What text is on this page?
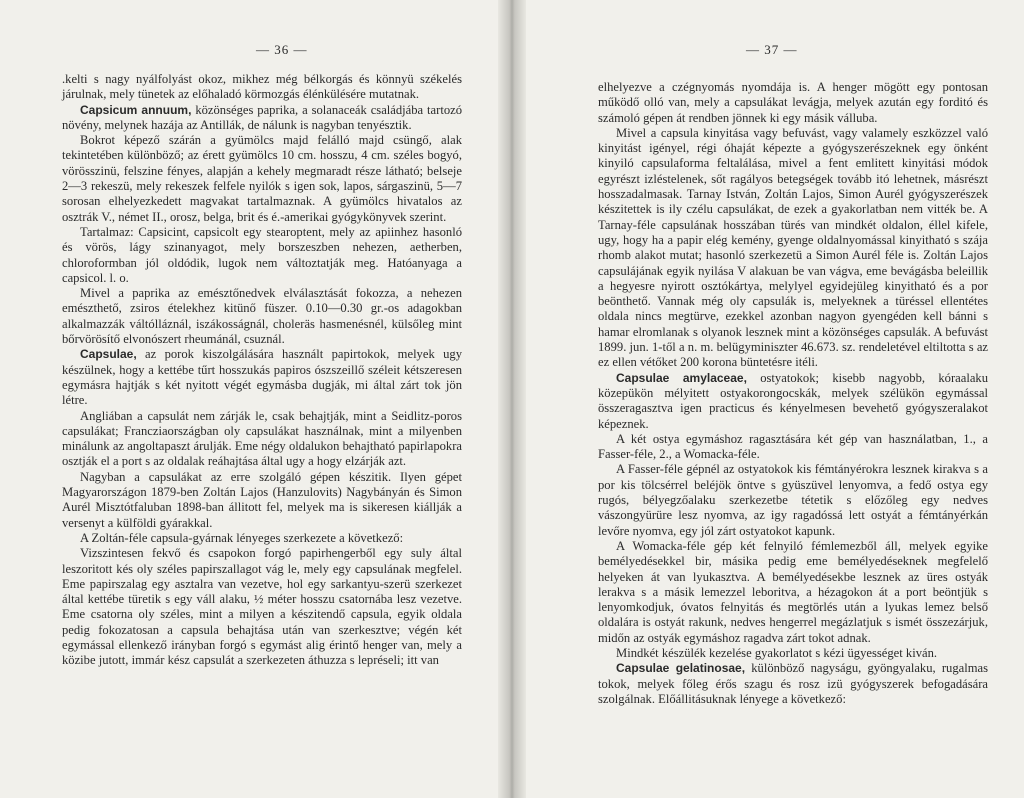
— 36 —

.kelti s nagy nyálfolyást okoz, mikhez még bélkorgás és könnyü székelés járulnak, mely tünetek az előhaladó körmozgás élénkülésére mutatnak.

Capsicum annuum, közönséges paprika, a solanaceák családjába tartozó növény, melynek hazája az Antillák, de nálunk is nagyban tenyésztik.

Bokrot képező szárán a gyümölcs majd felálló majd csüngő, alak tekintetében különböző; az érett gyümölcs 10 cm. hosszu, 4 cm. széles bogyó, vörösszinü, felszine fényes, alapján a kehely megmaradt része látható; belseje 2—3 rekeszü, mely rekeszek felfele nyilók s igen sok, lapos, sárgaszinü, 5—7 sorosan elhelyezkedett magvakat tartalmaznak. A gyümölcs hivatalos az osztrák V., német II., orosz, belga, brit és é.-amerikai gyógykönyvek szerint.

Tartalmaz: Capsicint, capsicolt egy stearoptent, mely az apiinhez hasonló és vörös, lágy szinanyagot, mely borszeszben nehezen, aetherben, chloroformban jól oldódik, lugok nem változtatják meg. Hatóanyaga a capsicol. l. o.

Mivel a paprika az emésztőnedvek elválasztását fokozza, a nehezen emészthető, zsiros ételekhez kitünő füszer. 0.10—0.30 gr.-os adagokban alkalmazzák váltólláznál, iszákosságnál, choleräs hasmenésnél, külsőleg mint bőrvörösítő elvonószert rheumánál, csuznál.

Capsulae, az porok kiszolgálására használt papirtokok, melyek ugy készülnek, hogy a kettébe tűrt hosszukás papiros ószszeillő széleit kétszeresen egymásra hajtják s két nyitott végét egymásba dugják, mi által zárt tok jön létre.

Angliában a capsulát nem zárják le, csak behajtják, mint a Seidlitz-poros capsulákat; Francziaországban oly capsulákat használnak, mint a milyenben minálunk az angoltapaszt árulják. Eme négy oldalukon behajtható papirlapokra osztják el a port s az oldalak reáhajtása által ugy a hogy elzárják azt.

Nagyban a capsulákat az erre szolgáló gépen készitik. Ilyen gépet Magyarországon 1879-ben Zoltán Lajos (Hanzulovits) Nagybányán és Simon Aurél Misztótfaluban 1898-ban állitott fel, melyek ma is sikeresen kiállják a versenyt a külföldi gyárakkal.

A Zoltán-féle capsula-gyárnak lényeges szerkezete a következő:

Vizszintesen fekvő és csapokon forgó papirhengerből egy suly által leszoritott kés oly széles papirszallagot vág le, mely egy capsulának megfelel. Eme papirszalag egy asztalra van vezetve, hol egy sarkantyu-szerü szerkezet által kettébe türetik s egy váll alaku, ½ méter hosszu csatornába lesz vezetve. Eme csatorna oly széles, mint a milyen a készitendő capsula, egyik oldala pedig fokozatosan a capsula behajtása után van szerkesztve; végén két egymással ellenkező irányban forgó s egymást alig érintő henger van, mely a közibe jutott, immár kész capsulát a szerkezeten áthuzza s lepréseli; itt van

— 37 —

elhelyezve a czégnyomás nyomdája is. A henger mögött egy pontosan működő olló van, mely a capsulákat levágja, melyek azután egy forditó és számoló gépen át rendben jönnek ki egy másik válluba.

Mivel a capsula kinyitása vagy befuvást, vagy valamely eszközzel való kinyitást igényel, régi óhaját képezte a gyógyszerészeknek egy önként kinyiló capsulaforma feltalálása, mivel a fent emlitett kinyitási módok egyrészt izléstelenek, sőt ragályos betegségek tovább itó lehetnek, másrészt hosszadalmasak. Tarnay István, Zoltán Lajos, Simon Aurél gyógyszerészek készitettek is ily czélu capsulákat, de ezek a gyakorlatban nem vitték be. A Tarnay-féle capsulának hosszában türés van mindkét oldalon, éllel kifele, ugy, hogy ha a papir elég kemény, gyenge oldalnyomással kinyitható s szája rhomb alakot mutat; hasonló szerkezetü a Simon Aurél féle is. Zoltán Lajos capsulájának egyik nyilása V alakuan be van vágva, eme bevágásba beleillik a hegyesre nyirott osztókártya, melylyel egyidejüleg kinyitható és a por beönthető. Vannak még oly capsulák is, melyeknek a türéssel ellentétes oldala nincs megtürve, ezekkel azonban nagyon gyengéden kell bánni s hamar elromlanak s olyanok lesznek mint a közönséges capsulák. A befuvást 1899. jun. 1-től a n. m. belügyminiszter 46.673. sz. rendeletével eltiltotta s az ez ellen vétőket 200 korona büntetésre itéli.

Capsulae amylaceae, ostyatokok; kisebb nagyobb, kóraalaku közepükön mélyitett ostyakorongocskák, melyek szélükön egymással összeragasztva igen practicus és kényelmesen bevehető gyógyszeralakot képeznek.

A két ostya egymáshoz ragasztására két gép van használatban, 1., a Fasser-féle, 2., a Womacka-féle.

A Fasser-féle gépnél az ostyatokok kis fémtányérokra lesznek kirakva s a por kis tölcsérrel beléjök öntve s gyüszüvel lenyomva, a fedő ostya egy rugós, bélyegzőalaku szerkezetbe tétetik s előzőleg egy nedves vászongyürüre lesz nyomva, az igy ragadóssá lett ostyát a fémtányérkán levőre nyomva, egy jól zárt ostyatokot kapunk.

A Womacka-féle gép két felnyiló fémlemezből áll, melyek egyike bemélyedésekkel bir, másika pedig eme bemélyedéseknek megfelelő helyeken át van lyukasztva. A bemélyedésekbe lesznek az üres ostyák lerakva s a másik lemezzel leboritva, a hézagokon át a port beöntjük s lenyomkodjuk, óvatos felnyitás és megtörlés után a lyukas lemez belső oldalára is ostyát rakunk, nedves hengerrel megázlatjuk s ismét összezárjuk, midőn az ostyák egymáshoz ragadva zárt tokot adnak.

Mindkét készülék kezelése gyakorlatot s kézi ügyességet kiván.

Capsulae gelatinosae, különböző nagyságu, gyöngyalaku, rugalmas tokok, melyek főleg érős szagu és rosz izü gyógyszerek befogadására szolgálnak. Előállitásuknak lényege a következő:
